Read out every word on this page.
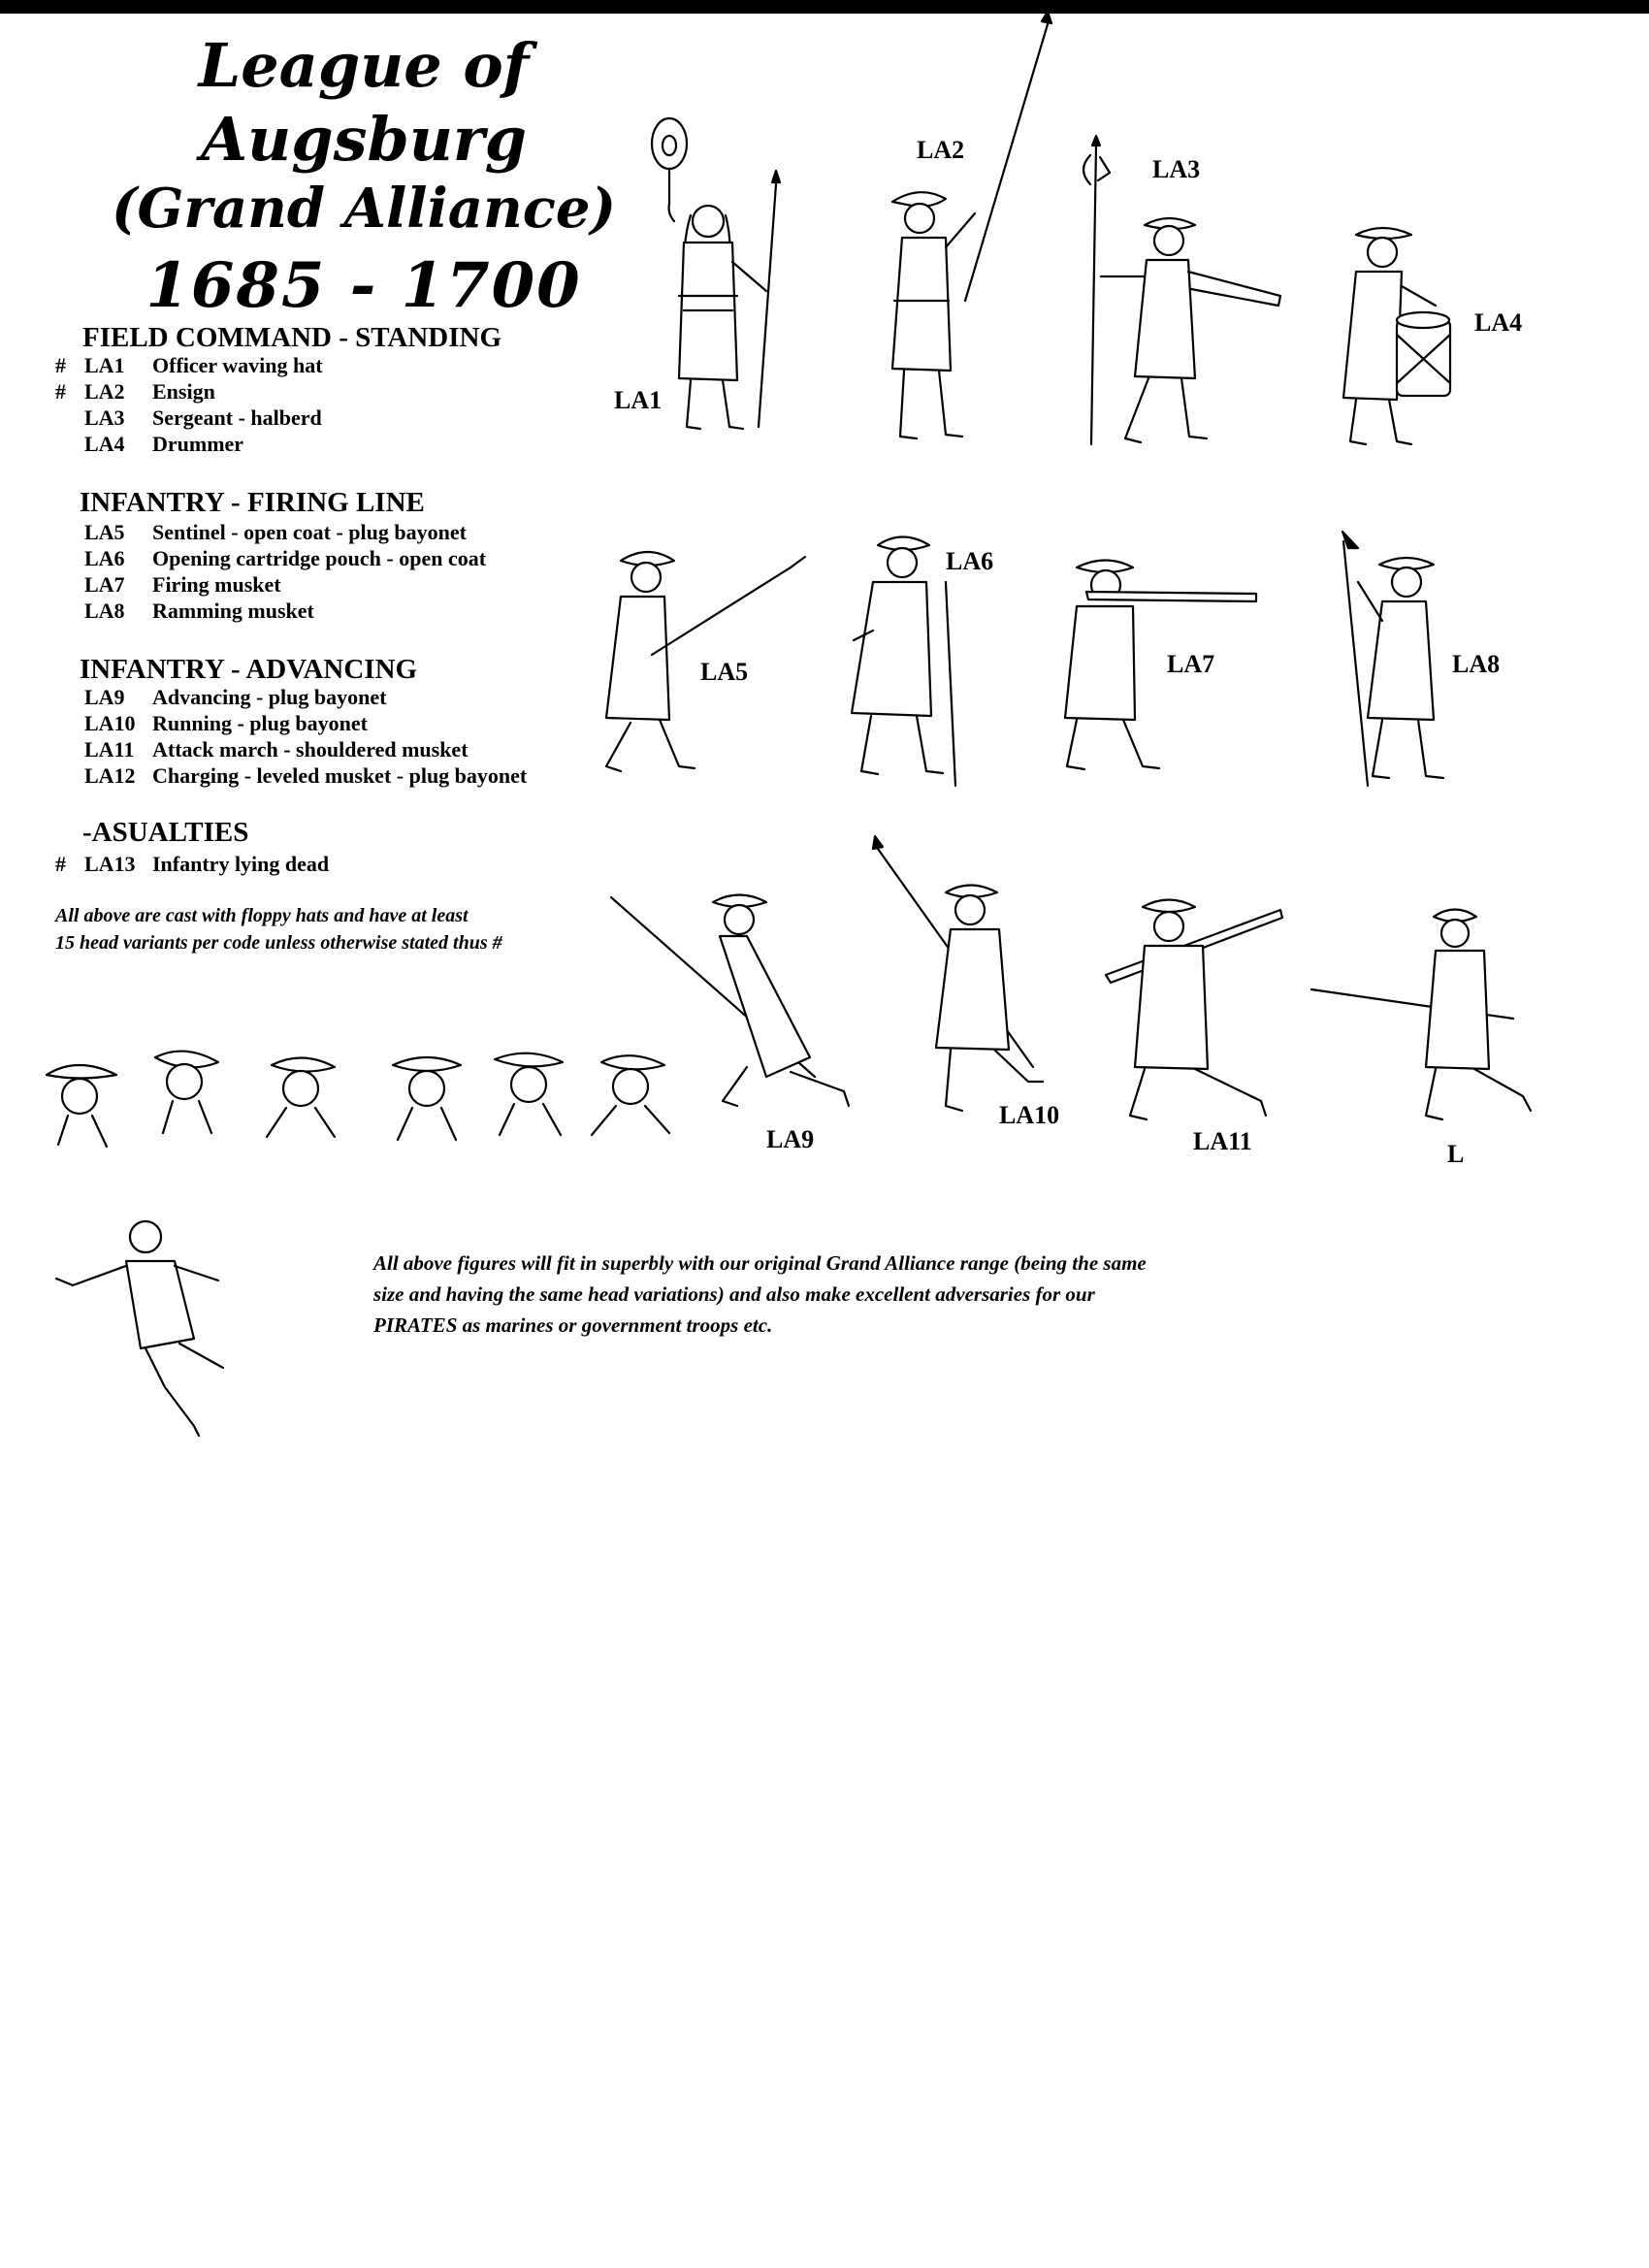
League of Augsburg
(Grand Alliance)
1685 - 1700
FIELD COMMAND - STANDING
# LA1	Officer waving hat
# LA2	Ensign
LA3	Sergeant - halberd
LA4	Drummer
INFANTRY - FIRING LINE
LA5	Sentinel - open coat - plug bayonet
LA6	Opening cartridge pouch - open coat
LA7	Firing musket
LA8	Ramming musket
INFANTRY - ADVANCING
LA9	Advancing - plug bayonet
LA10 Running - plug bayonet
LA11 Attack march - shouldered musket
LA12 Charging - leveled musket - plug bayonet
-ASUALTIES
# LA13 Infantry lying dead
All above are cast with floppy hats and have at least
15 head variants per code unless otherwise stated thus #
All above figures will fit in superbly with our original Grand Alliance range (being the same
size and having the same head variations) and also make excellent adversaries for our
PIRATES as marines or government troops etc.
LA1
LA2
LA3
LA4
LA5
LA6
LA7	LA8
LA9
LA10
LA11	L
